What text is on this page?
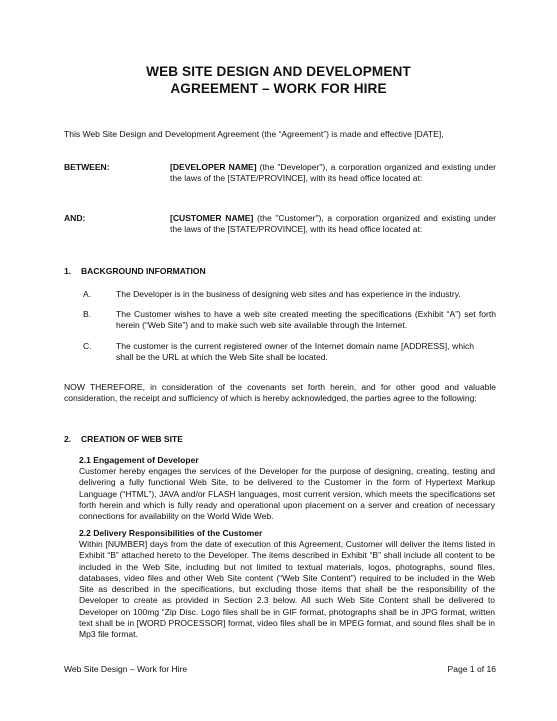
WEB SITE DESIGN AND DEVELOPMENT
AGREEMENT – WORK FOR HIRE
This Web Site Design and Development Agreement (the “Agreement”) is made and effective [DATE],
BETWEEN:	[DEVELOPER NAME] (the "Developer"), a corporation organized and existing under the laws of the [STATE/PROVINCE], with its head office located at:
AND:	[CUSTOMER NAME] (the "Customer"), a corporation organized and existing under the laws of the [STATE/PROVINCE], with its head office located at:
1. BACKGROUND INFORMATION
A.	The Developer is in the business of designing web sites and has experience in the industry.
B.	The Customer wishes to have a web site created meeting the specifications (Exhibit “A”) set forth herein (“Web Site”) and to make such web site available through the Internet.
C.	The customer is the current registered owner of the Internet domain name [ADDRESS], which shall be the URL at which the Web Site shall be located.
NOW THEREFORE, in consideration of the covenants set forth herein, and for other good and valuable consideration, the receipt and sufficiency of which is hereby acknowledged, the parties agree to the following:
2. CREATION OF WEB SITE
2.1 Engagement of Developer
Customer hereby engages the services of the Developer for the purpose of designing, creating, testing and delivering a fully functional Web Site, to be delivered to the Customer in the form of Hypertext Markup Language (“HTML”), JAVA and/or FLASH languages, most current version, which meets the specifications set forth herein and which is fully ready and operational upon placement on a server and creation of necessary connections for availability on the World Wide Web.
2.2 Delivery Responsibilities of the Customer
Within [NUMBER] days from the date of execution of this Agreement, Customer will deliver the items listed in Exhibit “B” attached hereto to the Developer. The items described in Exhibit “B” shall include all content to be included in the Web Site, including but not limited to textual materials, logos, photographs, sound files, databases, video files and other Web Site content (“Web Site Content”) required to be included in the Web Site as described in the specifications, but excluding those items that shall be the responsibility of the Developer to create as provided in Section 2.3 below. All such Web Site Content shall be delivered to Developer on 100mg “Zip Disc. Logo files shall be in GIF format, photographs shall be in JPG format, written text shall be in [WORD PROCESSOR] format, video files shall be in MPEG format, and sound files shall be in Mp3 file format.
Web Site Design – Work for Hire	Page 1 of 16
